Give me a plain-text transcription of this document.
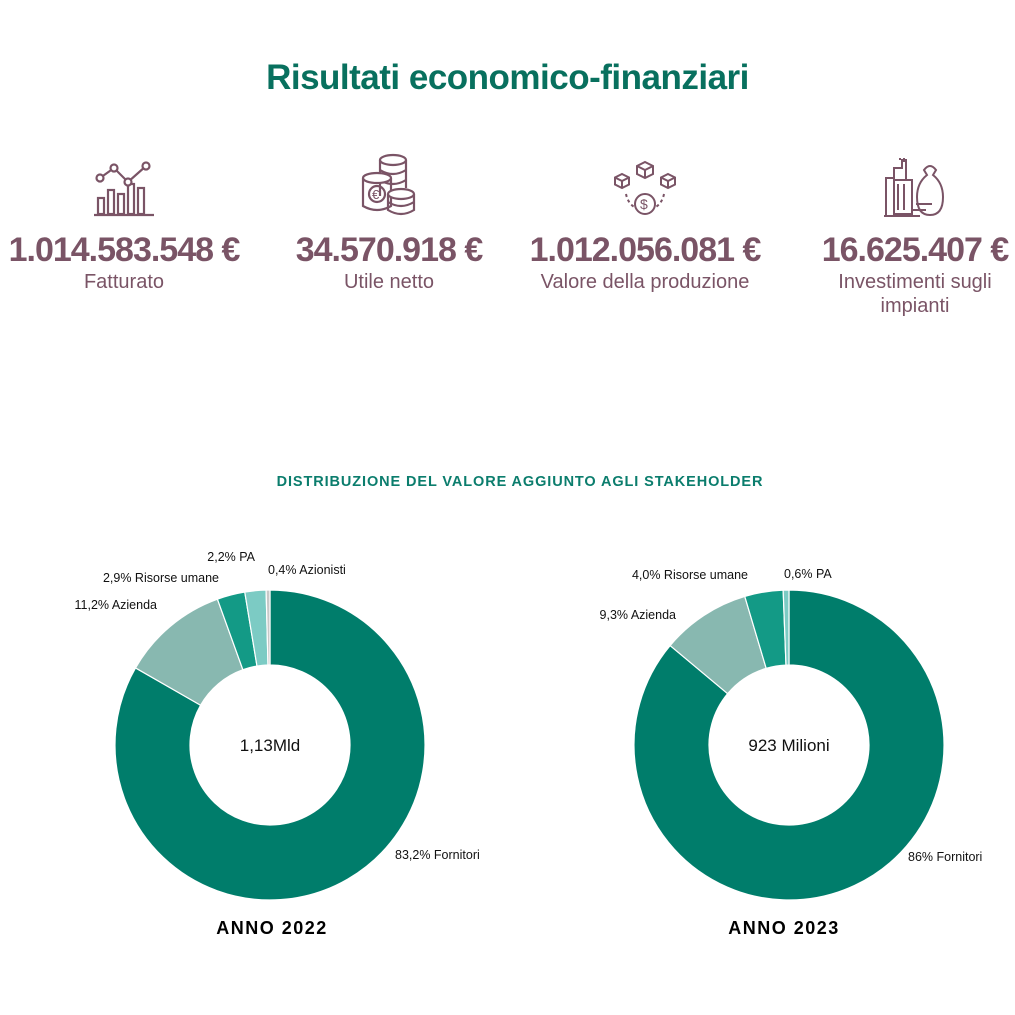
Risultati economico-finanziari
1.014.583.548 €
Fatturato
€
34.570.918 €
Utile netto
$
1.012.056.081 €
Valore della produzione
16.625.407 €
Investimenti sugli impianti
DISTRIBUZIONE DEL VALORE AGGIUNTO AGLI STAKEHOLDER
83,2% Fornitori
11,2% Azienda
2,9% Risorse umane
2,2% PA
0,4% Azionisti
1,13Mld
86% Fornitori
9,3% Azienda
4,0% Risorse umane	0,6% PA
923 Milioni
ANNO 2022	ANNO 2023
